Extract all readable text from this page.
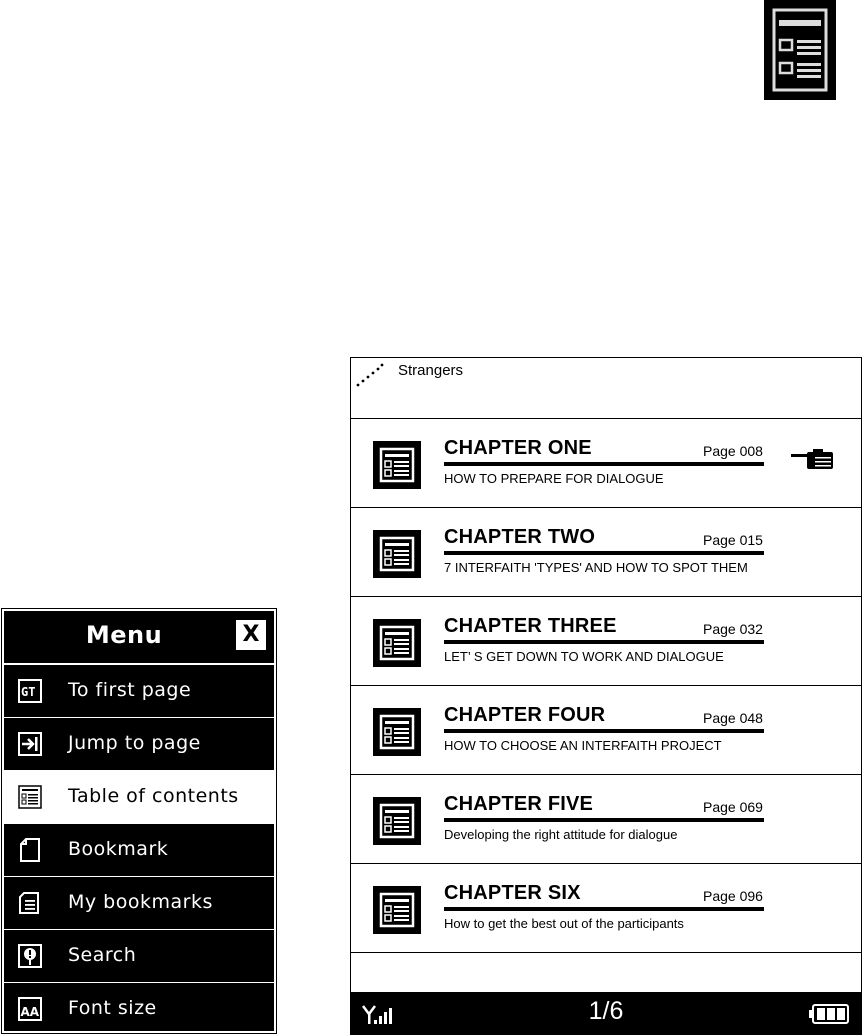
Menu	X
GT To first page
Jump to page
Table of contents
Bookmark
My bookmarks
Search
AA Font size
Strangers
CHAPTER ONE	Page 008
HOW TO PREPARE FOR DIALOGUE
CHAPTER TWO	Page 015
7 INTERFAITH 'TYPES' AND HOW TO SPOT THEM
CHAPTER THREE	Page 032
LET’ S GET DOWN TO WORK AND DIALOGUE
CHAPTER FOUR	Page 048
HOW TO CHOOSE AN INTERFAITH PROJECT
CHAPTER FIVE	Page 069
Developing the right attitude for dialogue
CHAPTER SIX	Page 096
How to get the best out of the participants
1/6
